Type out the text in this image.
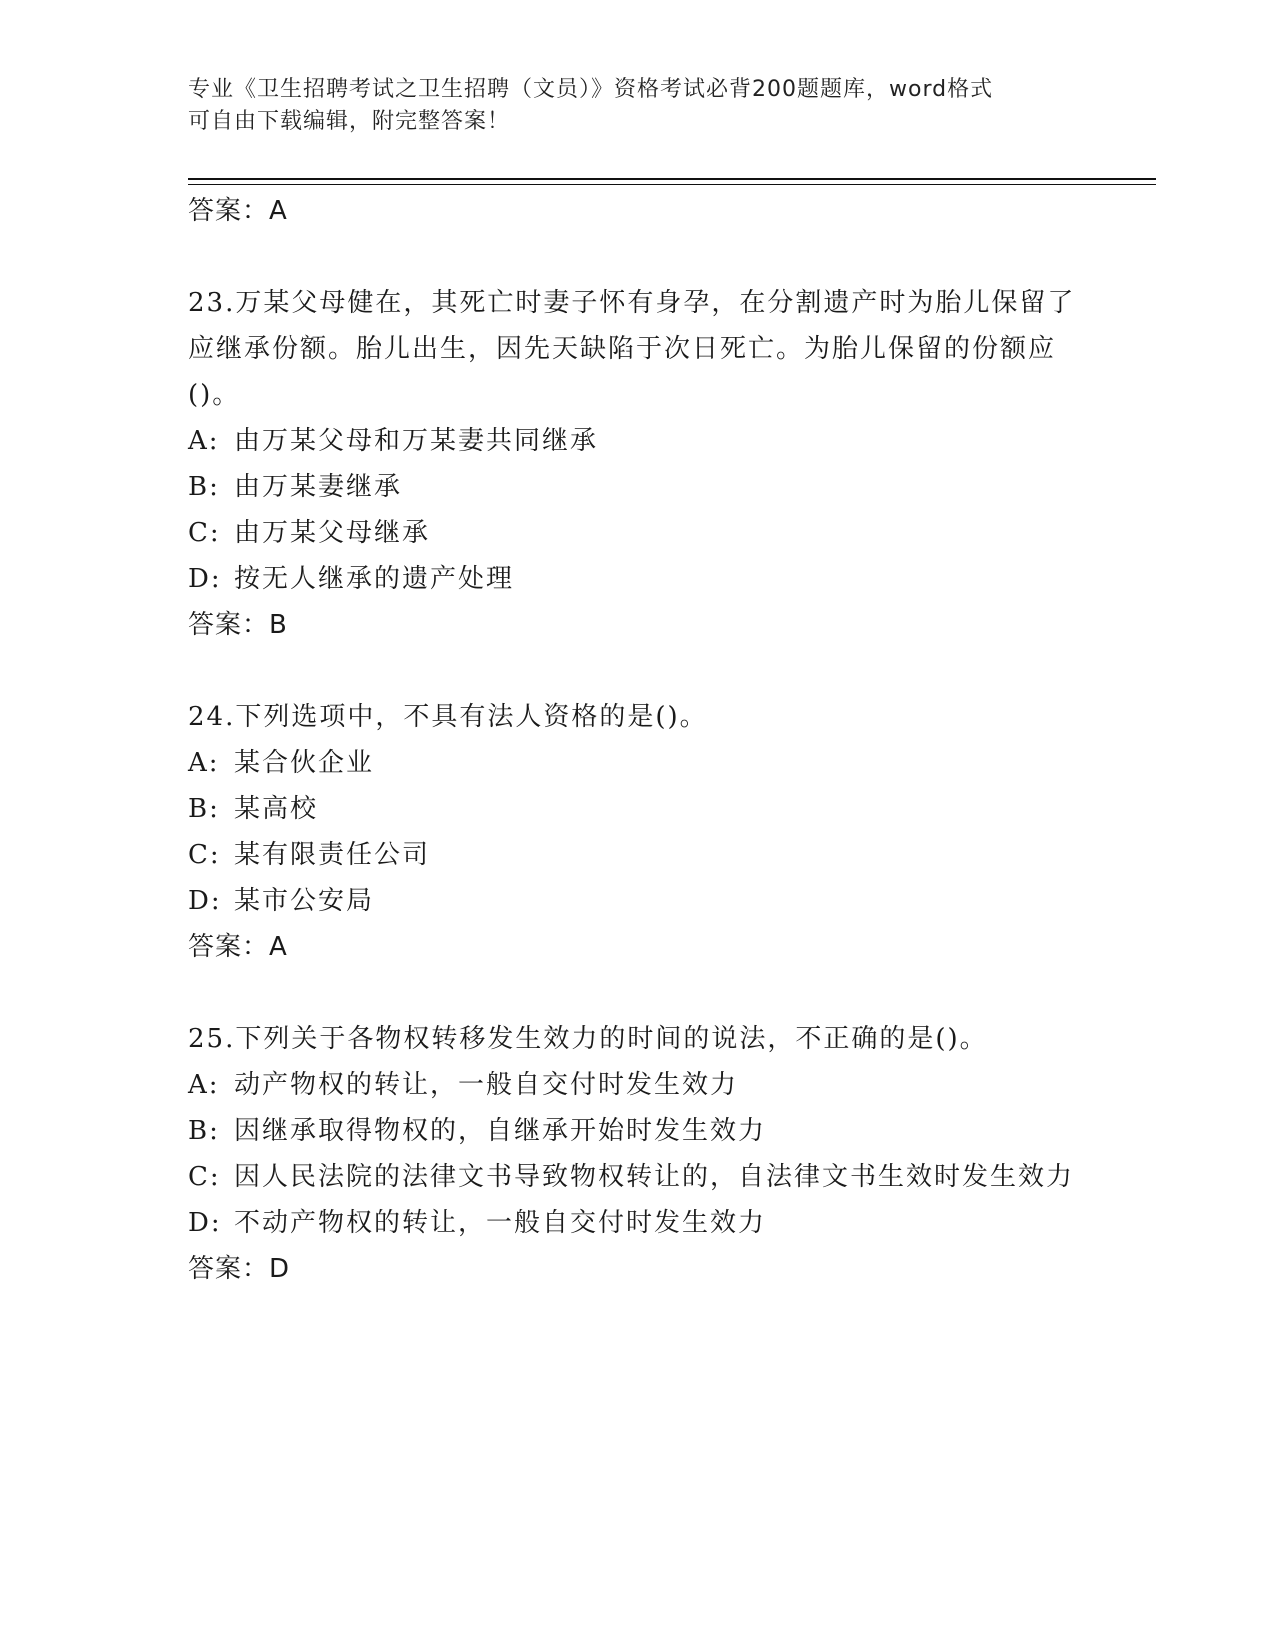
专业《卫生招聘考试之卫生招聘（文员）》资格考试必背200题题库，word格式
可自由下载编辑，附完整答案！
答案：A
23.万某父母健在，其死亡时妻子怀有身孕，在分割遗产时为胎儿保留了应继承份额。胎儿出生，因先天缺陷于次日死亡。为胎儿保留的份额应()。
A: 由万某父母和万某妻共同继承
B: 由万某妻继承
C: 由万某父母继承
D: 按无人继承的遗产处理
答案：B
24.下列选项中，不具有法人资格的是()。
A: 某合伙企业
B: 某高校
C: 某有限责任公司
D: 某市公安局
答案：A
25.下列关于各物权转移发生效力的时间的说法，不正确的是()。
A: 动产物权的转让，一般自交付时发生效力
B: 因继承取得物权的，自继承开始时发生效力
C: 因人民法院的法律文书导致物权转让的，自法律文书生效时发生效力
D: 不动产物权的转让，一般自交付时发生效力
答案：D
